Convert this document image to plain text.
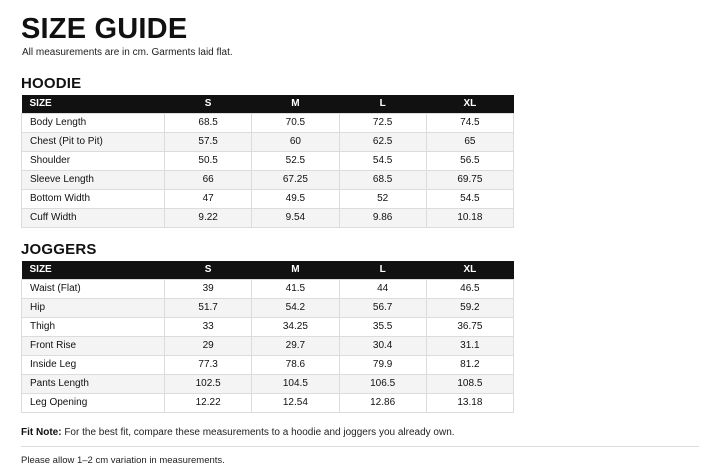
SIZE GUIDE
All measurements are in cm. Garments laid flat.
HOODIE
SIZE	S	M	L	XL
Body Length	68.5	70.5	72.5	74.5
Chest (Pit to Pit)	57.5	60	62.5	65
Shoulder	50.5	52.5	54.5	56.5
Sleeve Length	66	67.25	68.5	69.75
Bottom Width	47	49.5	52	54.5
Cuff Width	9.22	9.54	9.86	10.18
JOGGERS
SIZE	S	M	L	XL
Waist (Flat)	39	41.5	44	46.5
Hip	51.7	54.2	56.7	59.2
Thigh	33	34.25	35.5	36.75
Front Rise	29	29.7	30.4	31.1
Inside Leg	77.3	78.6	79.9	81.2
Pants Length	102.5	104.5	106.5	108.5
Leg Opening	12.22	12.54	12.86	13.18
Fit Note: For the best fit, compare these measurements to a hoodie and joggers you already own.
Please allow 1–2 cm variation in measurements.
